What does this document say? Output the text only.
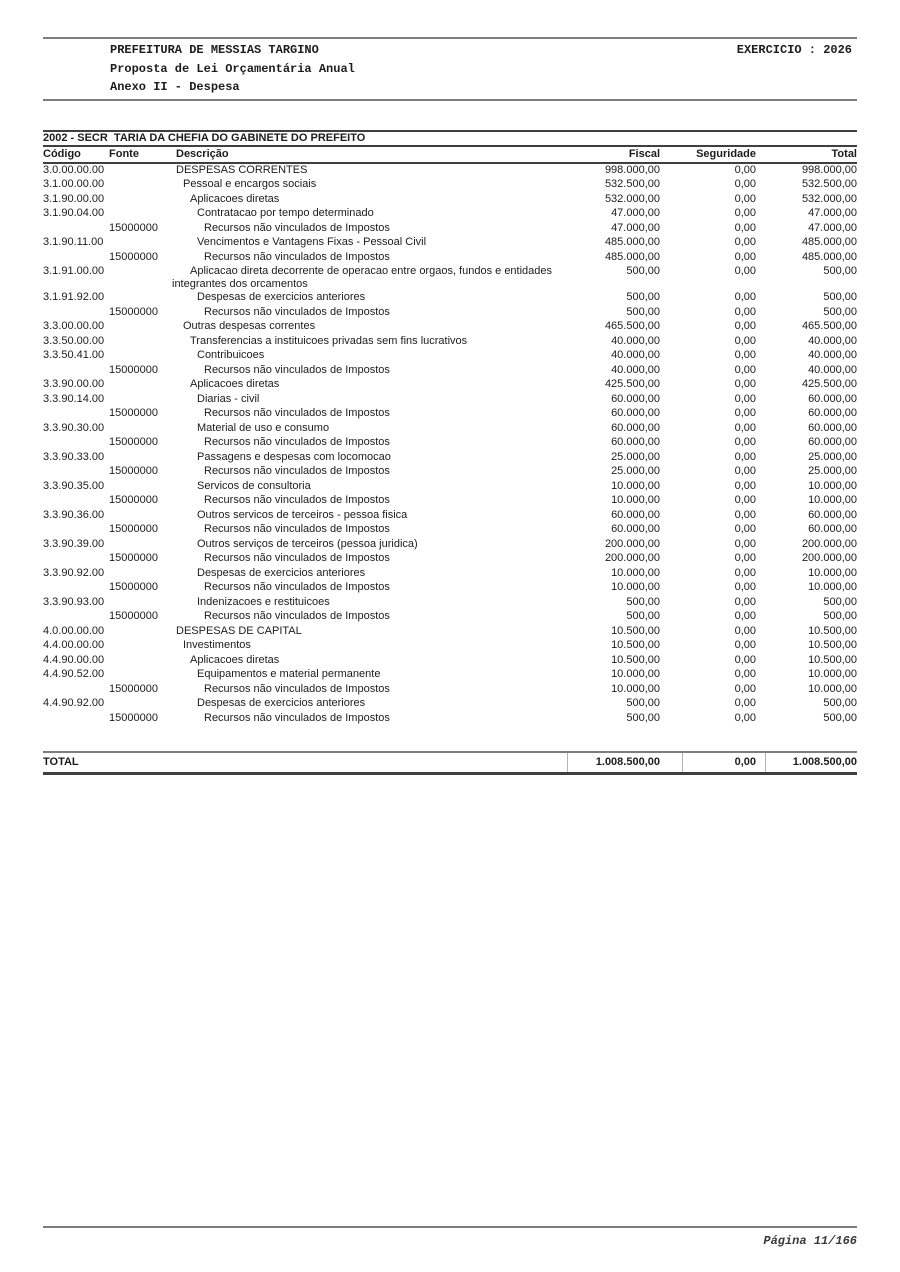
PREFEITURA DE MESSIAS TARGINO	EXERCICIO : 2026
Proposta de Lei Orçamentária Anual
Anexo II - Despesa
2002 - SECR  TARIA DA CHEFIA DO GABINETE DO PREFEITO
Código	Fonte	Descrição	Fiscal	Seguridade	Total
3.0.00.00.00	DESPESAS CORRENTES	998.000,00	0,00	998.000,00
3.1.00.00.00	Pessoal e encargos sociais	532.500,00	0,00	532.500,00
3.1.90.00.00	Aplicacoes diretas	532.000,00	0,00	532.000,00
3.1.90.04.00	Contratacao por tempo determinado	47.000,00	0,00	47.000,00
15000000	Recursos não vinculados de Impostos	47.000,00	0,00	47.000,00
3.1.90.11.00	Vencimentos e Vantagens Fixas - Pessoal Civil	485.000,00	0,00	485.000,00
15000000	Recursos não vinculados de Impostos	485.000,00	0,00	485.000,00
3.1.91.00.00	Aplicacao direta decorrente de operacao entre orgaos, fundos e entidades integrantes dos orcamentos
500,00	0,00	500,00
3.1.91.92.00	Despesas de exercicios anteriores	500,00	0,00	500,00
15000000	Recursos não vinculados de Impostos	500,00	0,00	500,00
3.3.00.00.00	Outras despesas correntes	465.500,00	0,00	465.500,00
3.3.50.00.00	Transferencias a instituicoes privadas sem fins lucrativos	40.000,00	0,00	40.000,00
3.3.50.41.00	Contribuicoes	40.000,00	0,00	40.000,00
15000000	Recursos não vinculados de Impostos	40.000,00	0,00	40.000,00
3.3.90.00.00	Aplicacoes diretas	425.500,00	0,00	425.500,00
3.3.90.14.00	Diarias - civil	60.000,00	0,00	60.000,00
15000000	Recursos não vinculados de Impostos	60.000,00	0,00	60.000,00
3.3.90.30.00	Material de uso e consumo	60.000,00	0,00	60.000,00
15000000	Recursos não vinculados de Impostos	60.000,00	0,00	60.000,00
3.3.90.33.00	Passagens e despesas com locomocao	25.000,00	0,00	25.000,00
15000000	Recursos não vinculados de Impostos	25.000,00	0,00	25.000,00
3.3.90.35.00	Servicos de consultoria	10.000,00	0,00	10.000,00
15000000	Recursos não vinculados de Impostos	10.000,00	0,00	10.000,00
3.3.90.36.00	Outros servicos de terceiros - pessoa fisica	60.000,00	0,00	60.000,00
15000000	Recursos não vinculados de Impostos	60.000,00	0,00	60.000,00
3.3.90.39.00	Outros serviços de terceiros (pessoa juridica)	200.000,00	0,00	200.000,00
15000000	Recursos não vinculados de Impostos	200.000,00	0,00	200.000,00
3.3.90.92.00	Despesas de exercicios anteriores	10.000,00	0,00	10.000,00
15000000	Recursos não vinculados de Impostos	10.000,00	0,00	10.000,00
3.3.90.93.00	Indenizacoes e restituicoes	500,00	0,00	500,00
15000000	Recursos não vinculados de Impostos	500,00	0,00	500,00
4.0.00.00.00	DESPESAS DE CAPITAL	10.500,00	0,00	10.500,00
4.4.00.00.00	Investimentos	10.500,00	0,00	10.500,00
4.4.90.00.00	Aplicacoes diretas	10.500,00	0,00	10.500,00
4.4.90.52.00	Equipamentos e material permanente	10.000,00	0,00	10.000,00
15000000	Recursos não vinculados de Impostos	10.000,00	0,00	10.000,00
4.4.90.92.00	Despesas de exercicios anteriores	500,00	0,00	500,00
15000000	Recursos não vinculados de Impostos	500,00	0,00	500,00
TOTAL	1.008.500,00	0,00	1.008.500,00
Página 11/166
